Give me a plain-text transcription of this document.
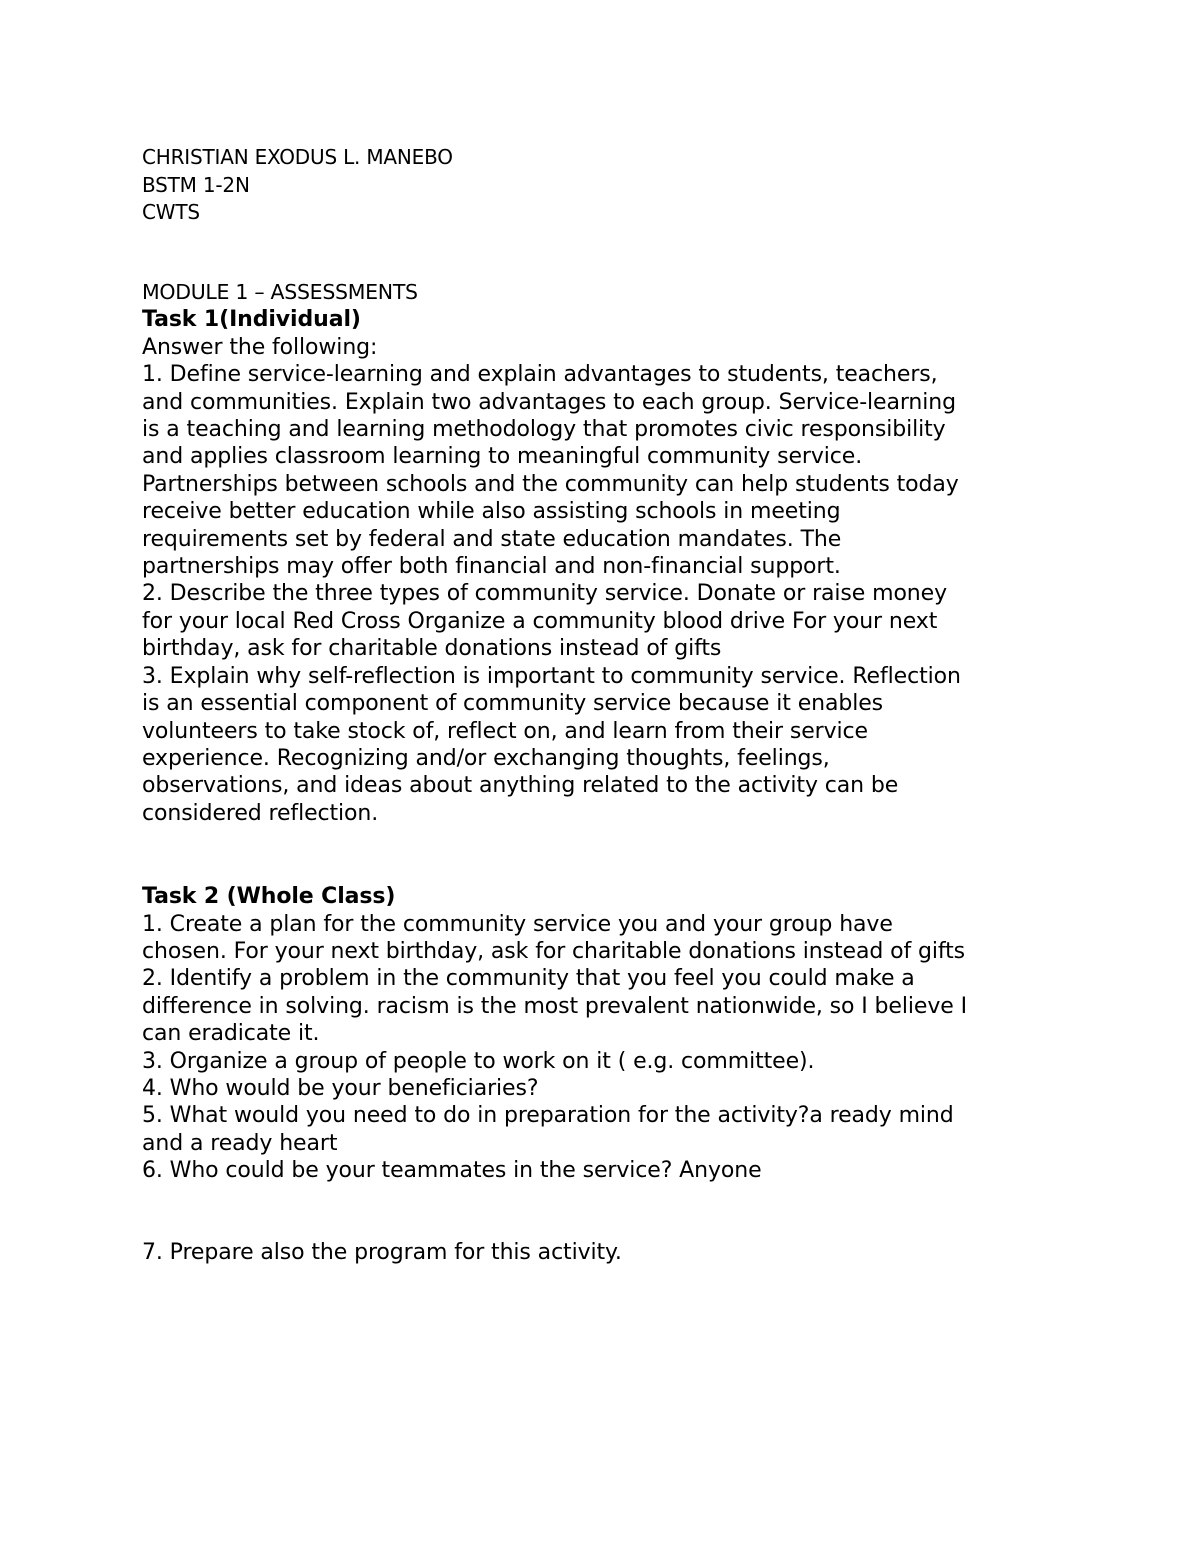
CHRISTIAN EXODUS L. MANEBO
BSTM 1-2N
CWTS
MODULE 1 – ASSESSMENTS
Task 1(Individual)
Answer the following:
1. Define service-learning and explain advantages to students, teachers,
and communities. Explain two advantages to each group. Service-learning
is a teaching and learning methodology that promotes civic responsibility
and applies classroom learning to meaningful community service.
Partnerships between schools and the community can help students today
receive better education while also assisting schools in meeting
requirements set by federal and state education mandates. The
partnerships may offer both financial and non-financial support.
2. Describe the three types of community service. Donate or raise money
for your local Red Cross Organize a community blood drive For your next
birthday, ask for charitable donations instead of gifts
3. Explain why self-reflection is important to community service. Reflection
is an essential component of community service because it enables
volunteers to take stock of, reflect on, and learn from their service
experience. Recognizing and/or exchanging thoughts, feelings,
observations, and ideas about anything related to the activity can be
considered reflection.
Task 2 (Whole Class)
1. Create a plan for the community service you and your group have
chosen. For your next birthday, ask for charitable donations instead of gifts
2. Identify a problem in the community that you feel you could make a
difference in solving. racism is the most prevalent nationwide, so I believe I
can eradicate it.
3. Organize a group of people to work on it ( e.g. committee).
4. Who would be your beneficiaries?
5. What would you need to do in preparation for the activity?a ready mind
and a ready heart
6. Who could be your teammates in the service? Anyone
7. Prepare also the program for this activity.
